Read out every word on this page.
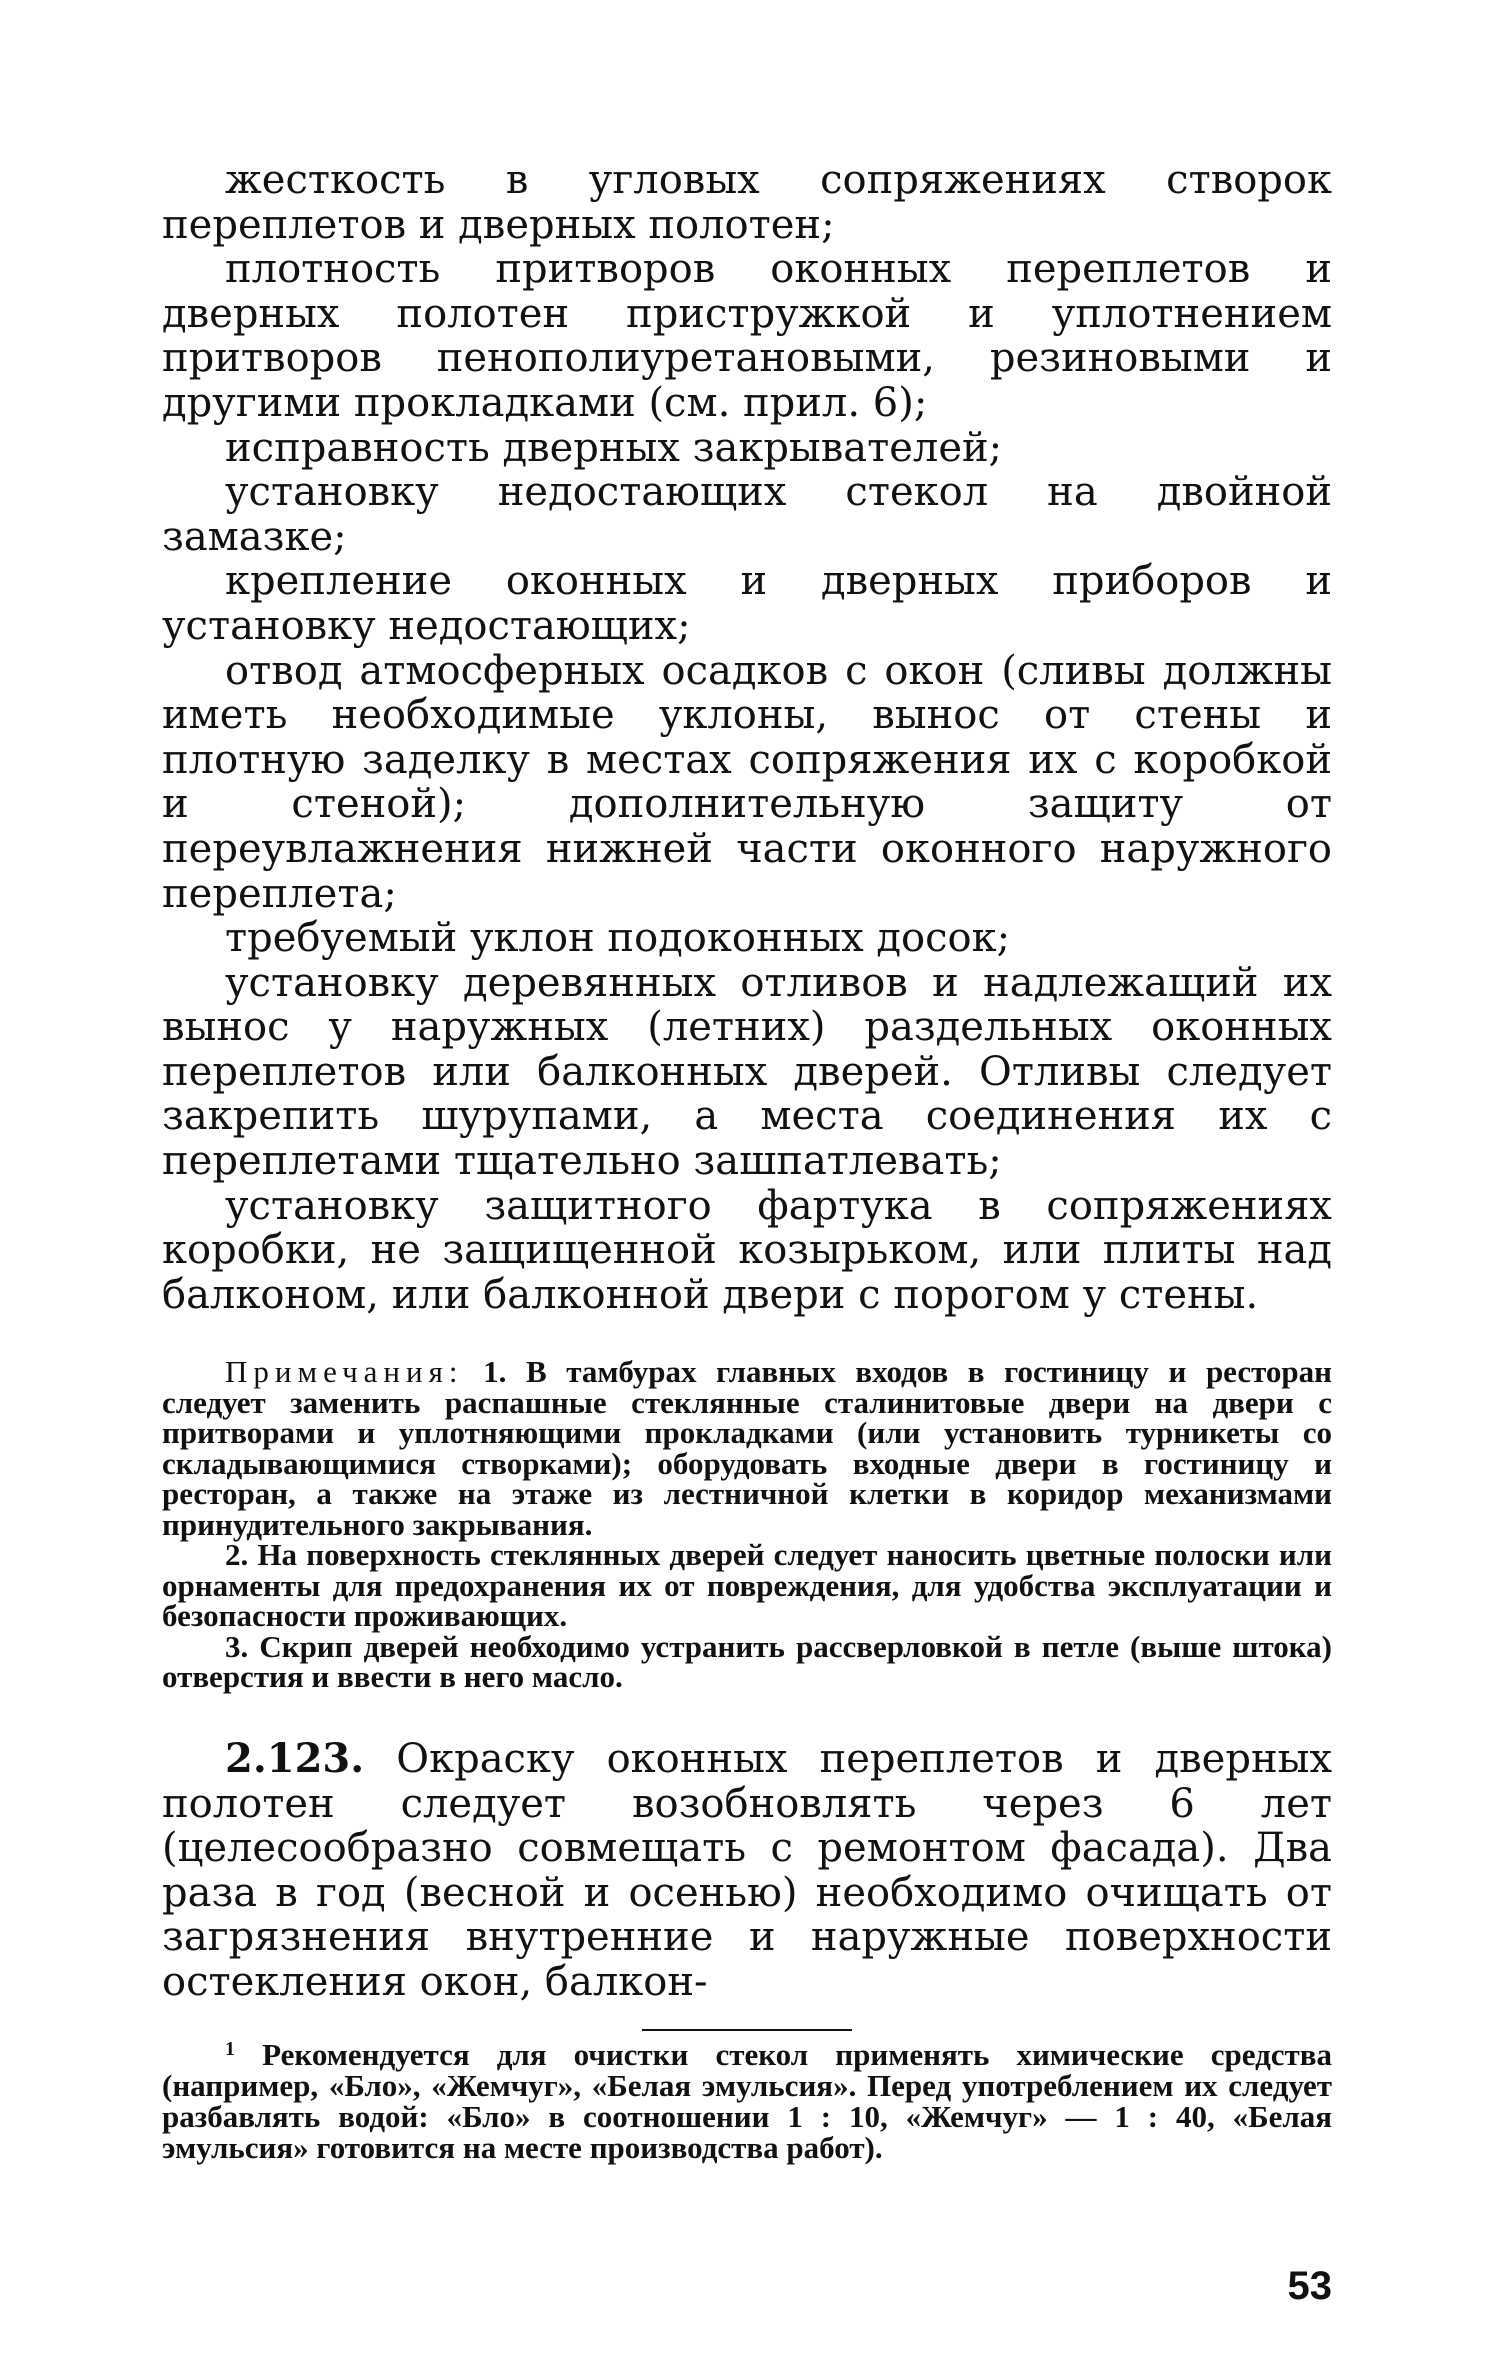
жесткость в угловых сопряжениях створок переплетов и дверных полотен;

плотность притворов оконных переплетов и дверных полотен пристружкой и уплотнением притворов пенополиуретановыми, резиновыми и другими прокладками (см. прил. 6);

исправность дверных закрывателей;

установку недостающих стекол на двойной замазке;

крепление оконных и дверных приборов и установку недостающих;

отвод атмосферных осадков с окон (сливы должны иметь необходимые уклоны, вынос от стены и плотную заделку в местах сопряжения их с коробкой и стеной); дополнительную защиту от переувлажнения нижней части оконного наружного переплета;

требуемый уклон подоконных досок;

установку деревянных отливов и надлежащий их вынос у наружных (летних) раздельных оконных переплетов или балконных дверей. Отливы следует закрепить шурупами, а места соединения их с переплетами тщательно зашпатлевать;

установку защитного фартука в сопряжениях коробки, не защищенной козырьком, или плиты над балконом, или балконной двери с порогом у стены.

Примечания: 1. В тамбурах главных входов в гостиницу и ресторан следует заменить распашные стеклянные сталинитовые двери на двери с притворами и уплотняющими прокладками (или установить турникеты со складывающимися створками); оборудовать входные двери в гостиницу и ресторан, а также на этаже из лестничной клетки в коридор механизмами принудительного закрывания.

2. На поверхность стеклянных дверей следует наносить цветные полоски или орнаменты для предохранения их от повреждения, для удобства эксплуатации и безопасности проживающих.

3. Скрип дверей необходимо устранить рассверловкой в петле (выше штока) отверстия и ввести в него масло.

2.123. Окраску оконных переплетов и дверных полотен следует возобновлять через 6 лет (целесообразно совмещать с ремонтом фасада). Два раза в год (весной и осенью) необходимо очищать от загрязнения внутренние и наружные поверхности остекления окон, балкон-

$^1$ Рекомендуется для очистки стекол применять химические средства (например, «Бло», «Жемчуг», «Белая эмульсия». Перед употреблением их следует разбавлять водой: «Бло» в соотношении 1 : 10, «Жемчуг» — 1 : 40, «Белая эмульсия» готовится на месте производства работ).

53
